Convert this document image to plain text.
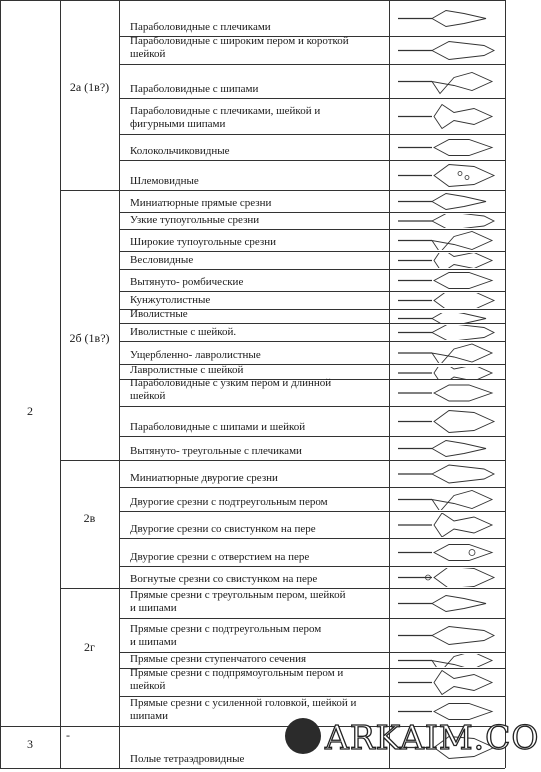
Параболовидные с плечиками
Параболовидные с широким пером и короткой
шейкой
Параболовидные с шипами
Параболовидные с плечиками, шейкой и
фигурными шипами
Колокольчиковидные
Шлемовидные
2а (1в?)
Миниатюрные прямые срезни
Узкие тупоугольные срезни
Широкие тупоугольные срезни
Весловидные
Вытянуто- ромбические
Кунжутолистные
Иволистные
Иволистные с шейкой.
Ущербленно- лавролистные
Лавролистные с шейкой
Параболовидные с узким пером и длинной
шейкой
Параболовидные с шипами и шейкой
Вытянуто- треугольные с плечиками
2б (1в?)
Миниатюрные двурогие срезни
Двурогие срезни с подтреугольным пером
Двурогие срезни со свистунком на пере
Двурогие срезни с отверстием на пере
Вогнутые срезни со свистунком на пере
2в
Прямые срезни с треугольным пером, шейкой
и шипами
Прямые срезни с подтреугольным пером
и шипами
Прямые срезни ступенчатого сечения
Прямые срезни с подпрямоугольным пером и
шейкой
Прямые срезни с усиленной головкой, шейкой и
шипами
2г
2
Полые тетраэдровидные
-
3	ARKAIM.CO
